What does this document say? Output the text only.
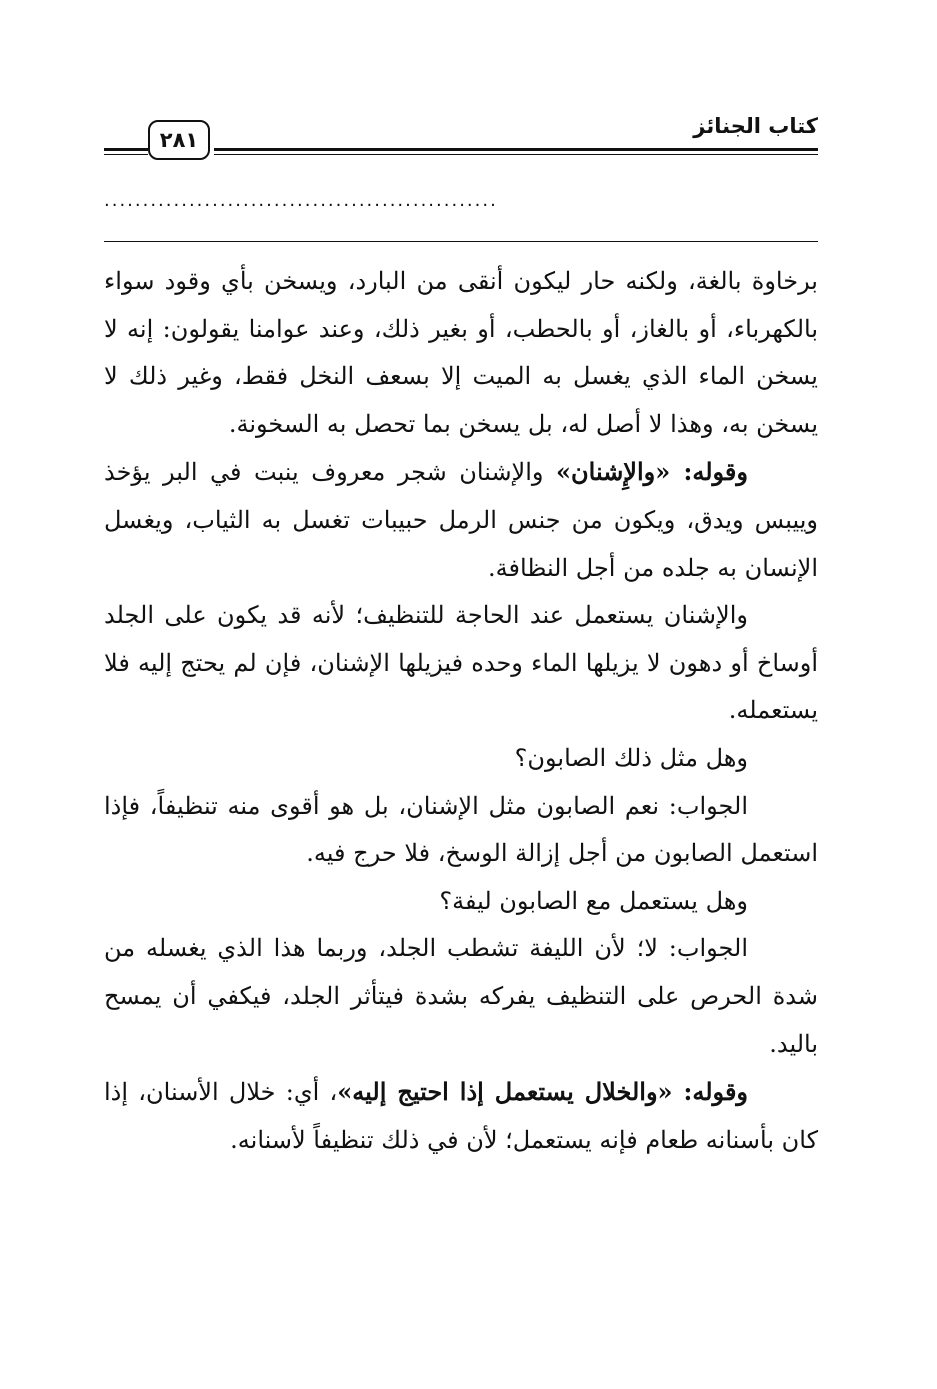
٢٨١
كتاب الجنائز
...................................................

برخاوة بالغة، ولكنه حار ليكون أنقى من البارد، ويسخن بأي وقود سواء بالكهرباء، أو بالغاز، أو بالحطب، أو بغير ذلك، وعند عوامنا يقولون: إنه لا يسخن الماء الذي يغسل به الميت إلا بسعف النخل فقط، وغير ذلك لا يسخن به، وهذا لا أصل له، بل يسخن بما تحصل به السخونة.

وقوله: «والإِشنان» والإشنان شجر معروف ينبت في البر يؤخذ وييبس ويدق، ويكون من جنس الرمل حبيبات تغسل به الثياب، ويغسل الإنسان به جلده من أجل النظافة.

والإشنان يستعمل عند الحاجة للتنظيف؛ لأنه قد يكون على الجلد أوساخ أو دهون لا يزيلها الماء وحده فيزيلها الإشنان، فإن لم يحتج إليه فلا يستعمله.

وهل مثل ذلك الصابون؟

الجواب: نعم الصابون مثل الإشنان، بل هو أقوى منه تنظيفاً، فإذا استعمل الصابون من أجل إزالة الوسخ، فلا حرج فيه.

وهل يستعمل مع الصابون ليفة؟

الجواب: لا؛ لأن الليفة تشطب الجلد، وربما هذا الذي يغسله من شدة الحرص على التنظيف يفركه بشدة فيتأثر الجلد، فيكفي أن يمسح باليد.

وقوله: «والخلال يستعمل إذا احتيج إليه»، أي: خلال الأسنان، إذا كان بأسنانه طعام فإنه يستعمل؛ لأن في ذلك تنظيفاً لأسنانه.
